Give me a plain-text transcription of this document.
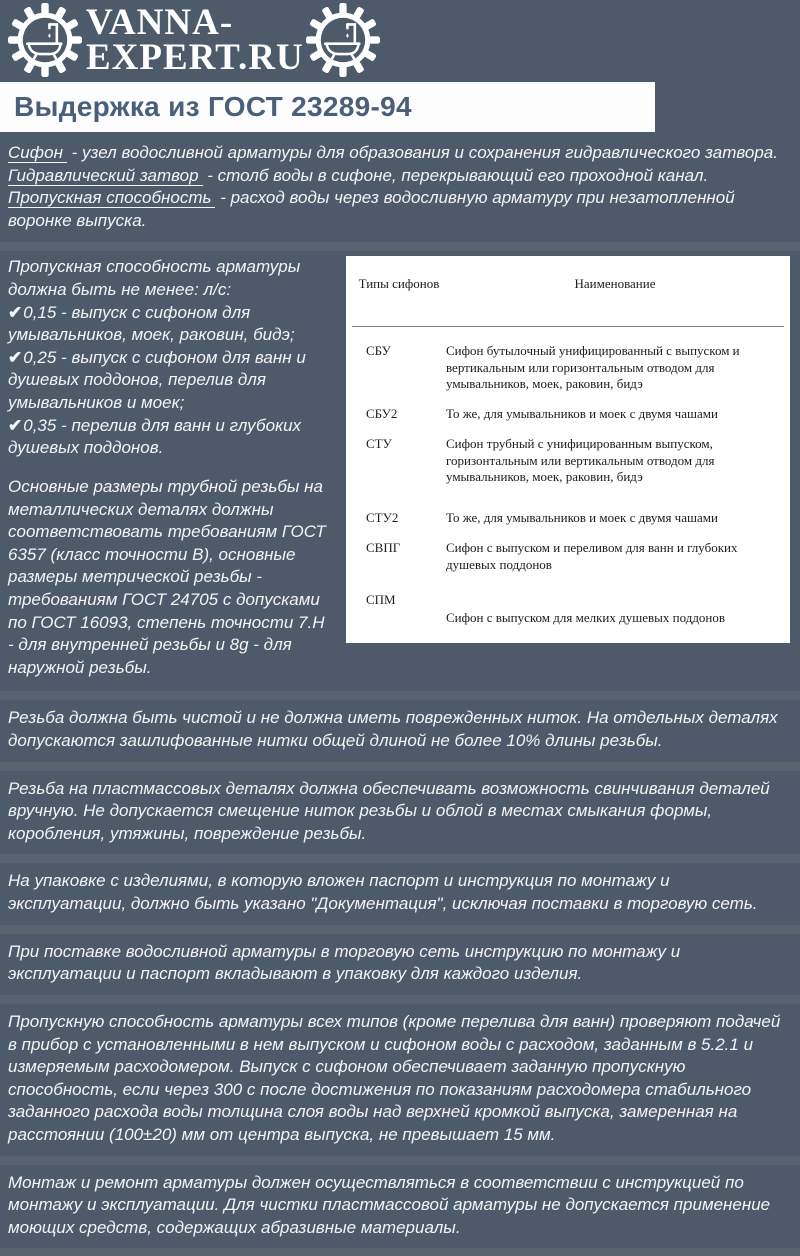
VANNA-
EXPERT.RU
Выдержка из ГОСТ 23289-94
Сифон - узел водосливной арматуры для образования и сохранения гидравлического затвора.
Гидравлический затвор - столб воды в сифоне, перекрывающий его проходной канал.
Пропускная способность - расход воды через водосливную арматуру при незатопленной воронке выпуска.
Пропускная способность арматуры должна быть не менее: л/с:
✔0,15 - выпуск с сифоном для умывальников, моек, раковин, бидэ;
✔0,25 - выпуск с сифоном для ванн и душевых поддонов, перелив для умывальников и моек;
✔0,35 - перелив для ванн и глубоких душевых поддонов.
Основные размеры трубной резьбы на металлических деталях должны соответствовать требованиям ГОСТ 6357 (класс точности В), основные размеры метрической резьбы - требованиям ГОСТ 24705 с допусками по ГОСТ 16093, степень точности 7.Н - для внутренней резьбы и 8g - для наружной резьбы.
Типы сифонов	Наименование
СБУ	Сифон бутылочный унифицированный с выпуском и вертикальным или горизонтальным отводом для умывальников, моек, раковин, бидэ
СБУ2	То же, для умывальников и моек с двумя чашами
СТУ	Сифон трубный с унифицированным выпуском, горизонтальным или вертикальным отводом для умывальников, моек, раковин, бидэ
СТУ2	То же, для умывальников и моек с двумя чашами
СВПГ	Сифон с выпуском и переливом для ванн и глубоких душевых поддонов
СПМ	Сифон с выпуском для мелких душевых поддонов
Резьба должна быть чистой и не должна иметь поврежденных ниток. На отдельных деталях допускаются зашлифованные нитки общей длиной не более 10% длины резьбы.
Резьба на пластмассовых деталях должна обеспечивать возможность свинчивания деталей вручную. Не допускается смещение ниток резьбы и облой в местах смыкания формы, коробления, утяжины, повреждение резьбы.
На упаковке с изделиями, в которую вложен паспорт и инструкция по монтажу и эксплуатации, должно быть указано "Документация", исключая поставки в торговую сеть.
При поставке водосливной арматуры в торговую сеть инструкцию по монтажу и эксплуатации и паспорт вкладывают в упаковку для каждого изделия.
Пропускную способность арматуры всех типов (кроме перелива для ванн) проверяют подачей в прибор с установленными в нем выпуском и сифоном воды с расходом, заданным в 5.2.1 и измеряемым расходомером. Выпуск с сифоном обеспечивает заданную пропускную способность, если через 300 с после достижения по показаниям расходомера стабильного заданного расхода воды толщина слоя воды над верхней кромкой выпуска, замеренная на расстоянии (100±20) мм от центра выпуска, не превышает 15 мм.
Монтаж и ремонт арматуры должен осуществляться в соответствии с инструкцией по монтажу и эксплуатации. Для чистки пластмассовой арматуры не допускается применение моющих средств, содержащих абразивные материалы.
